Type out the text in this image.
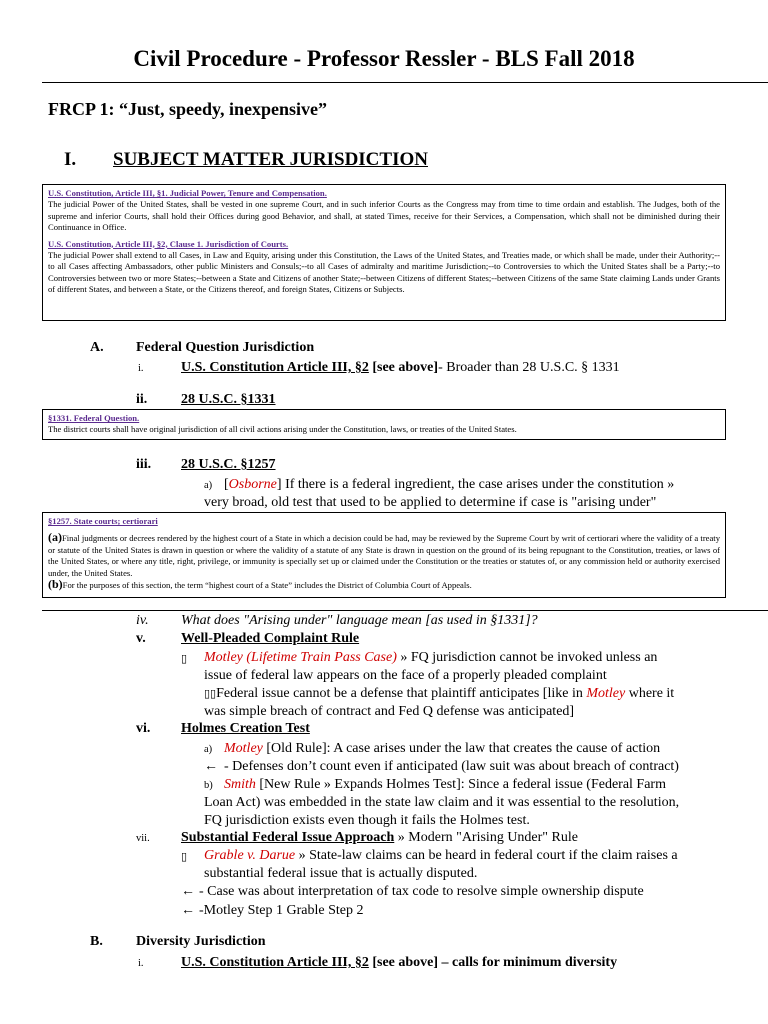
Civil Procedure - Professor Ressler - BLS Fall 2018
FRCP 1: “Just, speedy, inexpensive”
I. SUBJECT MATTER JURISDICTION

U.S. Constitution, Article III, §1. Judicial Power, Tenure and Compensation.

The judicial Power of the United States, shall be vested in one supreme Court, and in such inferior Courts as the Congress may from time to time ordain and establish. The Judges, both of the supreme and inferior Courts, shall hold their Offices during good Behavior, and shall, at stated Times, receive for their Services, a Compensation, which shall not be diminished during their Continuance in Office.

U.S. Constitution, Article III, §2, Clause 1. Jurisdiction of Courts.

The judicial Power shall extend to all Cases, in Law and Equity, arising under this Constitution, the Laws of the United States, and Treaties made, or which shall be made, under their Authority;--to all Cases affecting Ambassadors, other public Ministers and Consuls;--to all Cases of admiralty and maritime Jurisdiction;--to Controversies to which the United States shall be a Party;--to Controversies between two or more States;--between a State and Citizens of another State;--between Citizens of different States;--between Citizens of the same State claiming Lands under Grants of different States, and between a State, or the Citizens thereof, and foreign States, Citizens or Subjects.

A. Federal Question Jurisdiction
i.	U.S. Constitution Article III, §2 [see above]- Broader than 28 U.S.C. § 1331
ii. 28 U.S.C. §1331

§1331. Federal Question.

The district courts shall have original jurisdiction of all civil actions arising under the Constitution, laws, or treaties of the United States.

iii. 28 U.S.C. §1257
a) [Osborne] If there is a federal ingredient, the case arises under the constitution »
very broad, old test that used to be applied to determine if case is "arising under"

§1257. State courts; certiorari

(a)Final judgments or decrees rendered by the highest court of a State in which a decision could be had, may be reviewed by the Supreme Court by writ of certiorari where the validity of a treaty or statute of the United States is drawn in question or where the validity of a statute of any State is drawn in question on the ground of its being repugnant to the Constitution, treaties, or laws of the United States, or where any title, right, privilege, or immunity is specially set up or claimed under the Constitution or the treaties or statutes of, or any commission held or authority exercised under, the United States.

(b)For the purposes of this section, the term “highest court of a State” includes the District of Columbia Court of Appeals.

iv. What does "Arising under" language mean [as used in §1331]?
v.	Well-Pleaded Complaint Rule
▯ Motley (Lifetime Train Pass Case) » FQ jurisdiction cannot be invoked unless an
issue of federal law appears on the face of a properly pleaded complaint
▯▯Federal issue cannot be a defense that plaintiff anticipates [like in Motley where it
was simple breach of contract and Fed Q defense was anticipated]
vi. Holmes Creation Test
a) Motley [Old Rule]: A case arises under the law that creates the cause of action
← - Defenses don’t count even if anticipated (law suit was about breach of contract)
b) Smith [New Rule » Expands Holmes Test]: Since a federal issue (Federal Farm
Loan Act) was embedded in the state law claim and it was essential to the resolution,
FQ jurisdiction exists even though it fails the Holmes test.
vii. Substantial Federal Issue Approach » Modern "Arising Under" Rule
▯ Grable v. Darue » State-law claims can be heard in federal court if the claim raises a
substantial federal issue that is actually disputed.
← - Case was about interpretation of tax code to resolve simple ownership dispute
← -Motley Step 1 Grable Step 2
B. Diversity Jurisdiction
i.	U.S. Constitution Article III, §2 [see above] – calls for minimum diversity
